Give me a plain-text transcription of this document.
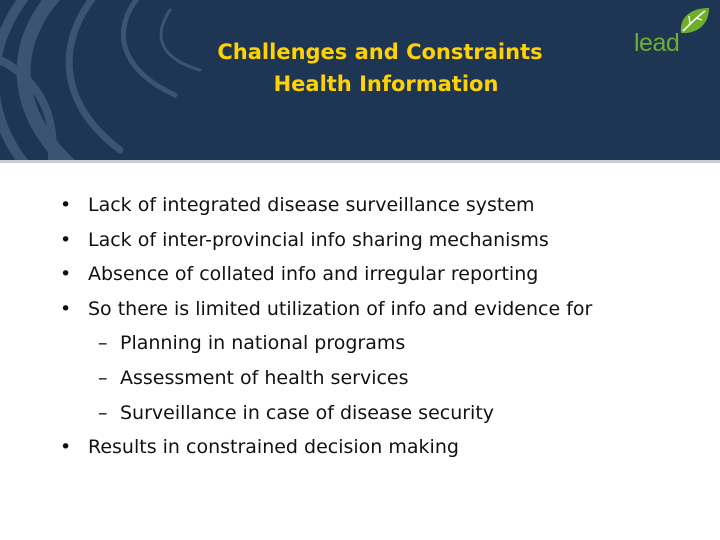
Challenges and Constraints
Health Information
lead
• Lack of integrated disease surveillance system
• Lack of inter-provincial info sharing mechanisms
• Absence of collated info and irregular reporting
• So there is limited utilization of info and evidence for
– Planning in national programs
– Assessment of health services
– Surveillance in case of disease security
• Results in constrained decision making
